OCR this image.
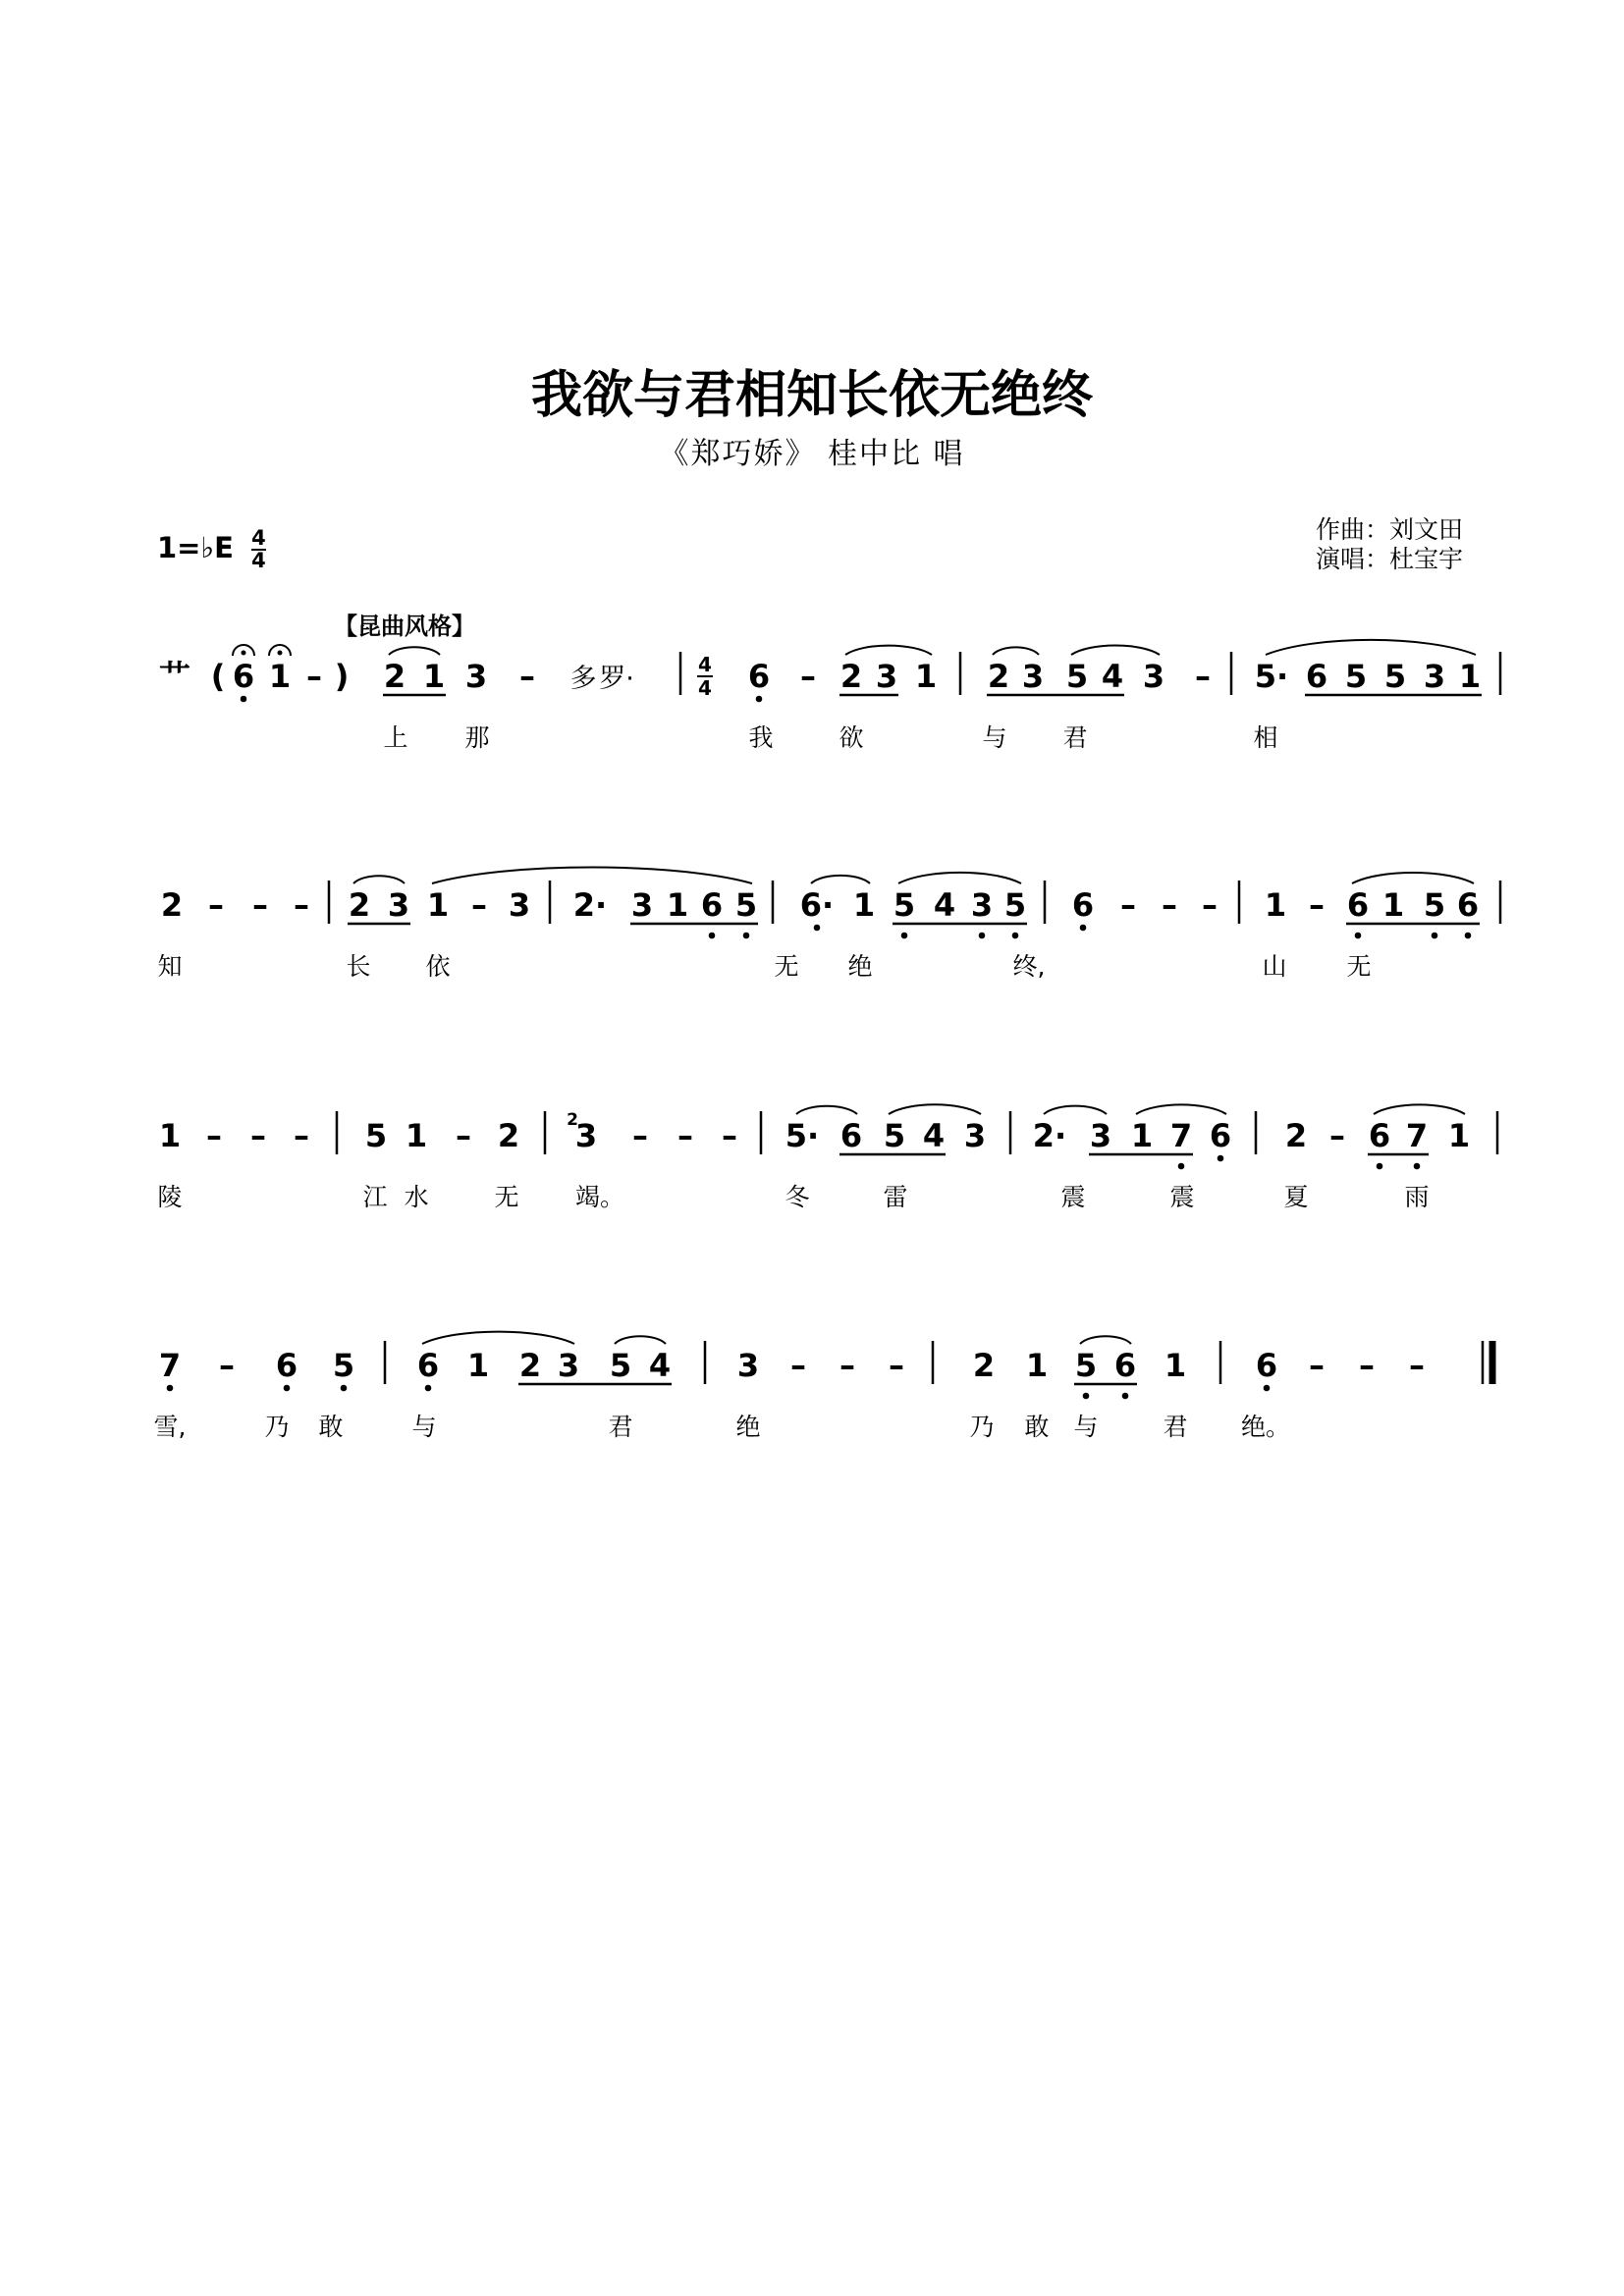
我欲与君相知长依无绝终
《郑巧娇》 桂中比 唱
1=♭E $\frac{4}{4}$	作曲：刘文田
演唱：杜宝宇
【昆曲风格】
艹 ( 6 1 – ) 2 1 3 – 多 罗·	4
4 6 – 2 3 1 2 3 5 4 3 – 5· 6 5 5 3 1
上 那	我	欲	与 君	相
2 – – – 2 3 1 – 3 2· 3 1 6 5 6· 1 5 4 3 5 6 – – – 1 – 6 1 5 6
知	长 依	无 绝	终,	山 无
1 – – – 5 1 – 2 3
2 – – – 5· 6 5 4 3 2· 3 1 7 6 2 – 6 7 1
陵	江 水	无 竭。	冬	雷	震	震	夏	雨
7 – 6 5 6 1 2 3 5 4 3 – – – 2 1 5 6 1 6 – – –
雪,	乃 敢	与	君	绝	乃 敢 与	君 绝。
